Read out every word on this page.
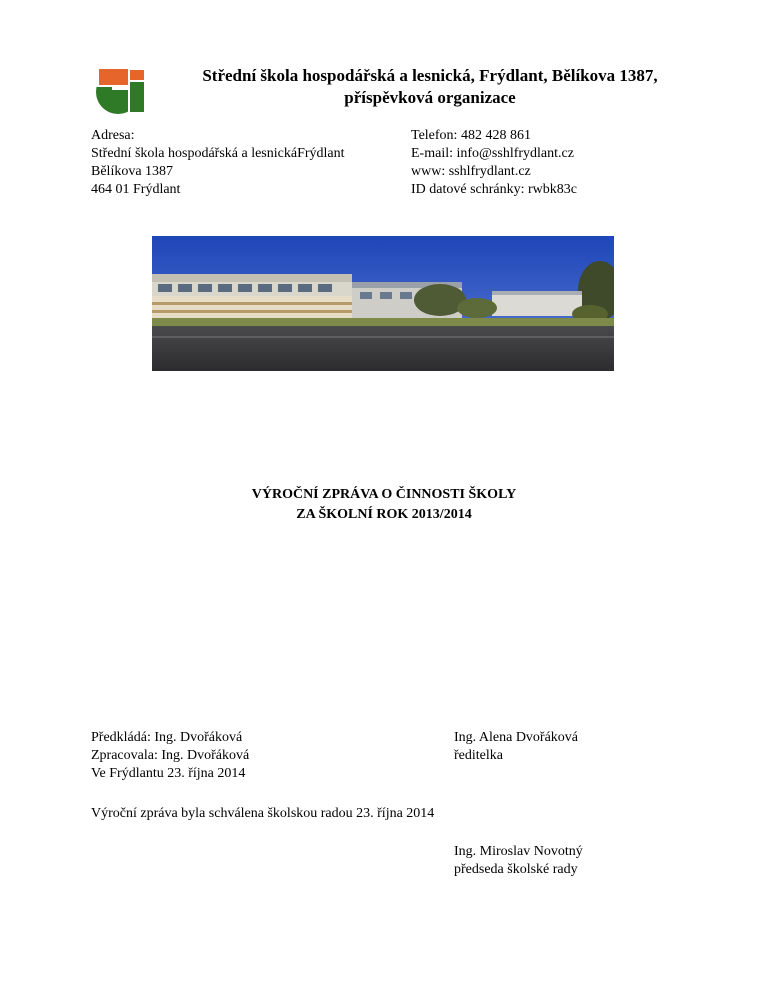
Střední škola hospodářská a lesnická, Frýdlant, Bělíkova 1387,
příspěvková organizace
Adresa:
Střední škola hospodářská a lesnickáFrýdlant
Bělíkova 1387
464 01 Frýdlant
Telefon: 482 428 861
E-mail: info@sshlfrydlant.cz
www: sshlfrydlant.cz
ID datové schránky: rwbk83c
VÝROČNÍ ZPRÁVA O ČINNOSTI ŠKOLY
ZA ŠKOLNÍ ROK 2013/2014
Předkládá: Ing. Dvořáková
Zpracovala: Ing. Dvořáková
Ve Frýdlantu 23. října 2014
Ing. Alena Dvořáková
ředitelka
Výroční zpráva byla schválena školskou radou 23. října 2014
Ing. Miroslav Novotný
předseda školské rady
